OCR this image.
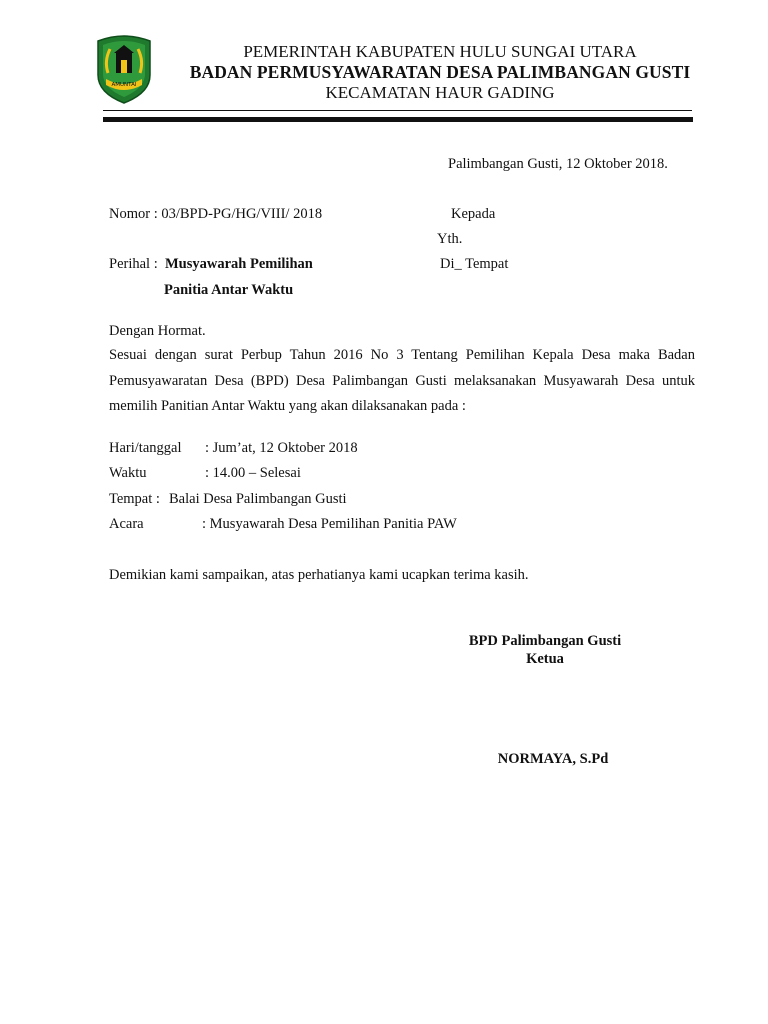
AMUNTAI
PEMERINTAH KABUPATEN HULU SUNGAI UTARA
BADAN PERMUSYAWARATAN DESA PALIMBANGAN GUSTI
KECAMATAN HAUR GADING
Palimbangan Gusti, 12 Oktober 2018.
Nomor : 03/BPD-PG/HG/VIII/ 2018	Kepada
Yth.
Perihal : Musyawarah Pemilihan	Di_ Tempat
Panitia Antar Waktu
Dengan Hormat.
Sesuai dengan surat Perbup Tahun 2016 No 3 Tentang Pemilihan Kepala Desa maka Badan Pemusyawaratan Desa (BPD) Desa Palimbangan Gusti melaksanakan Musyawarah Desa untuk memilih Panitian Antar Waktu yang akan dilaksanakan pada :
Hari/tanggal : Jum’at, 12 Oktober 2018
Waktu	: 14.00 – Selesai
Tempat : Balai Desa Palimbangan Gusti
Acara	: Musyawarah Desa Pemilihan Panitia PAW
Demikian kami sampaikan, atas perhatianya kami ucapkan terima kasih.
BPD Palimbangan Gusti
Ketua
NORMAYA, S.Pd
